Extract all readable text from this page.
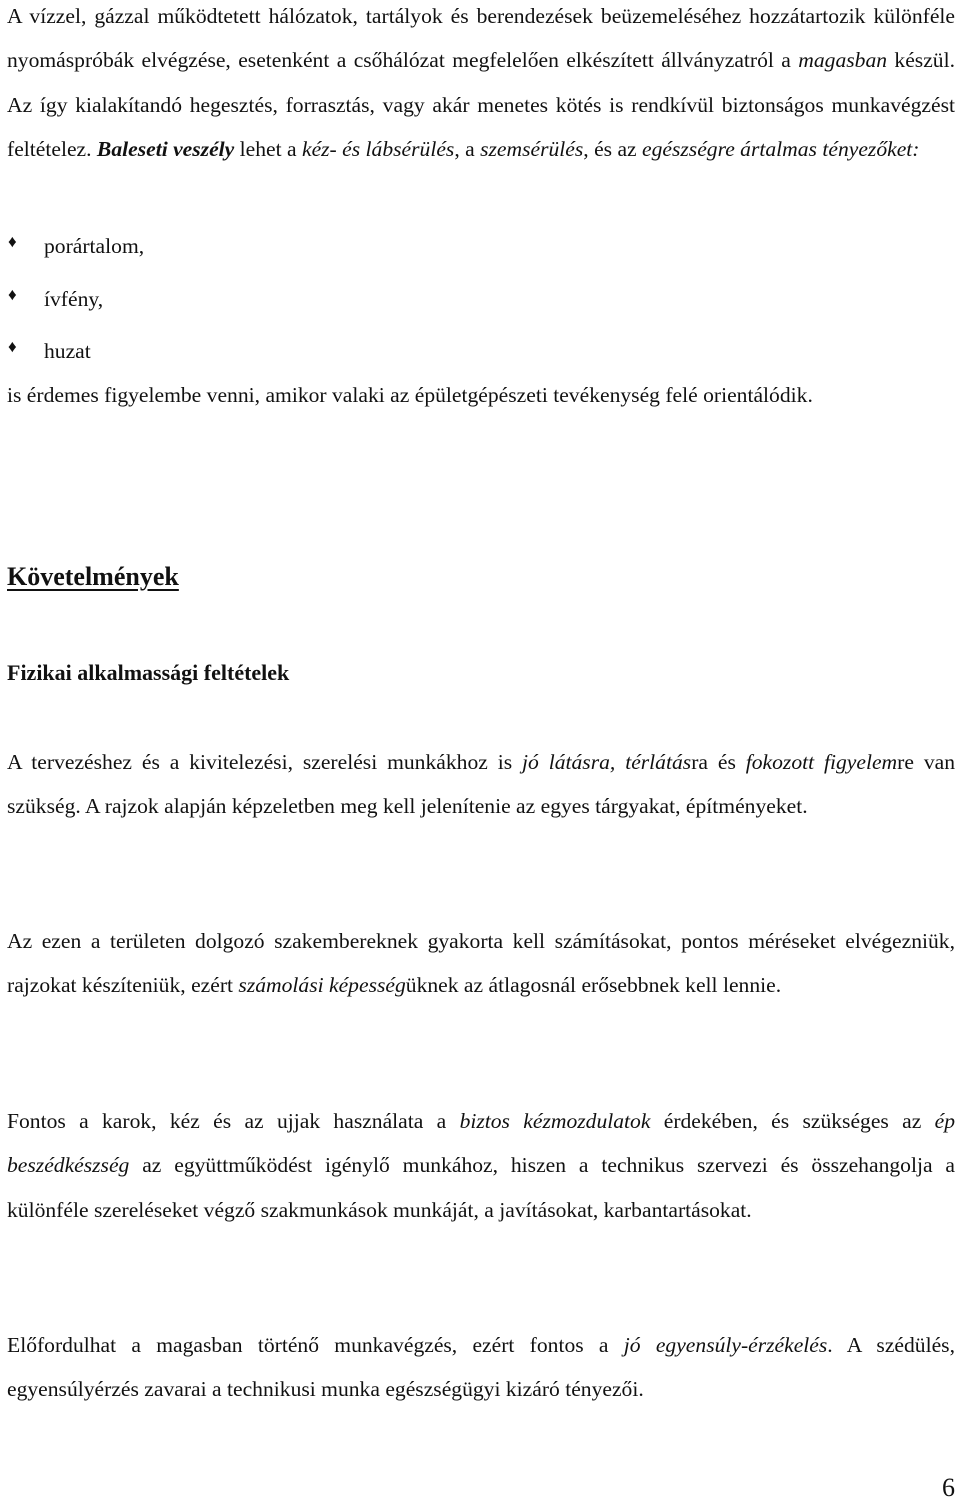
A vízzel, gázzal működtetett hálózatok, tartályok és berendezések beüzemeléséhez hozzátartozik különféle nyomáspróbák elvégzése, esetenként a csőhálózat megfelelően elkészített állványzatról a magasban készül. Az így kialakítandó hegesztés, forrasztás, vagy akár menetes kötés is rendkívül biztonságos munkavégzést feltételez. Baleseti veszély lehet a kéz- és lábsérülés, a szemsérülés, és az egészségre ártalmas tényezőket:

♦ porártalom,
♦ ívfény,
♦ huzat

is érdemes figyelembe venni, amikor valaki az épületgépészeti tevékenység felé orientálódik.

Követelmények
Fizikai alkalmassági feltételek

A tervezéshez és a kivitelezési, szerelési munkákhoz is jó látásra, térlátásra és fokozott figyelemre van szükség. A rajzok alapján képzeletben meg kell jelenítenie az egyes tárgyakat, építményeket.

Az ezen a területen dolgozó szakembereknek gyakorta kell számításokat, pontos méréseket elvégezniük, rajzokat készíteniük, ezért számolási képességüknek az átlagosnál erősebbnek kell lennie.

Fontos a karok, kéz és az ujjak használata a biztos kézmozdulatok érdekében, és szükséges az ép beszédkészség az együttműködést igénylő munkához, hiszen a technikus szervezi és összehangolja a különféle szereléseket végző szakmunkások munkáját, a javításokat, karbantartásokat.

Előfordulhat a magasban történő munkavégzés, ezért fontos a jó egyensúly-érzékelés. A szédülés, egyensúlyérzés zavarai a technikusi munka egészségügyi kizáró tényezői.

6
